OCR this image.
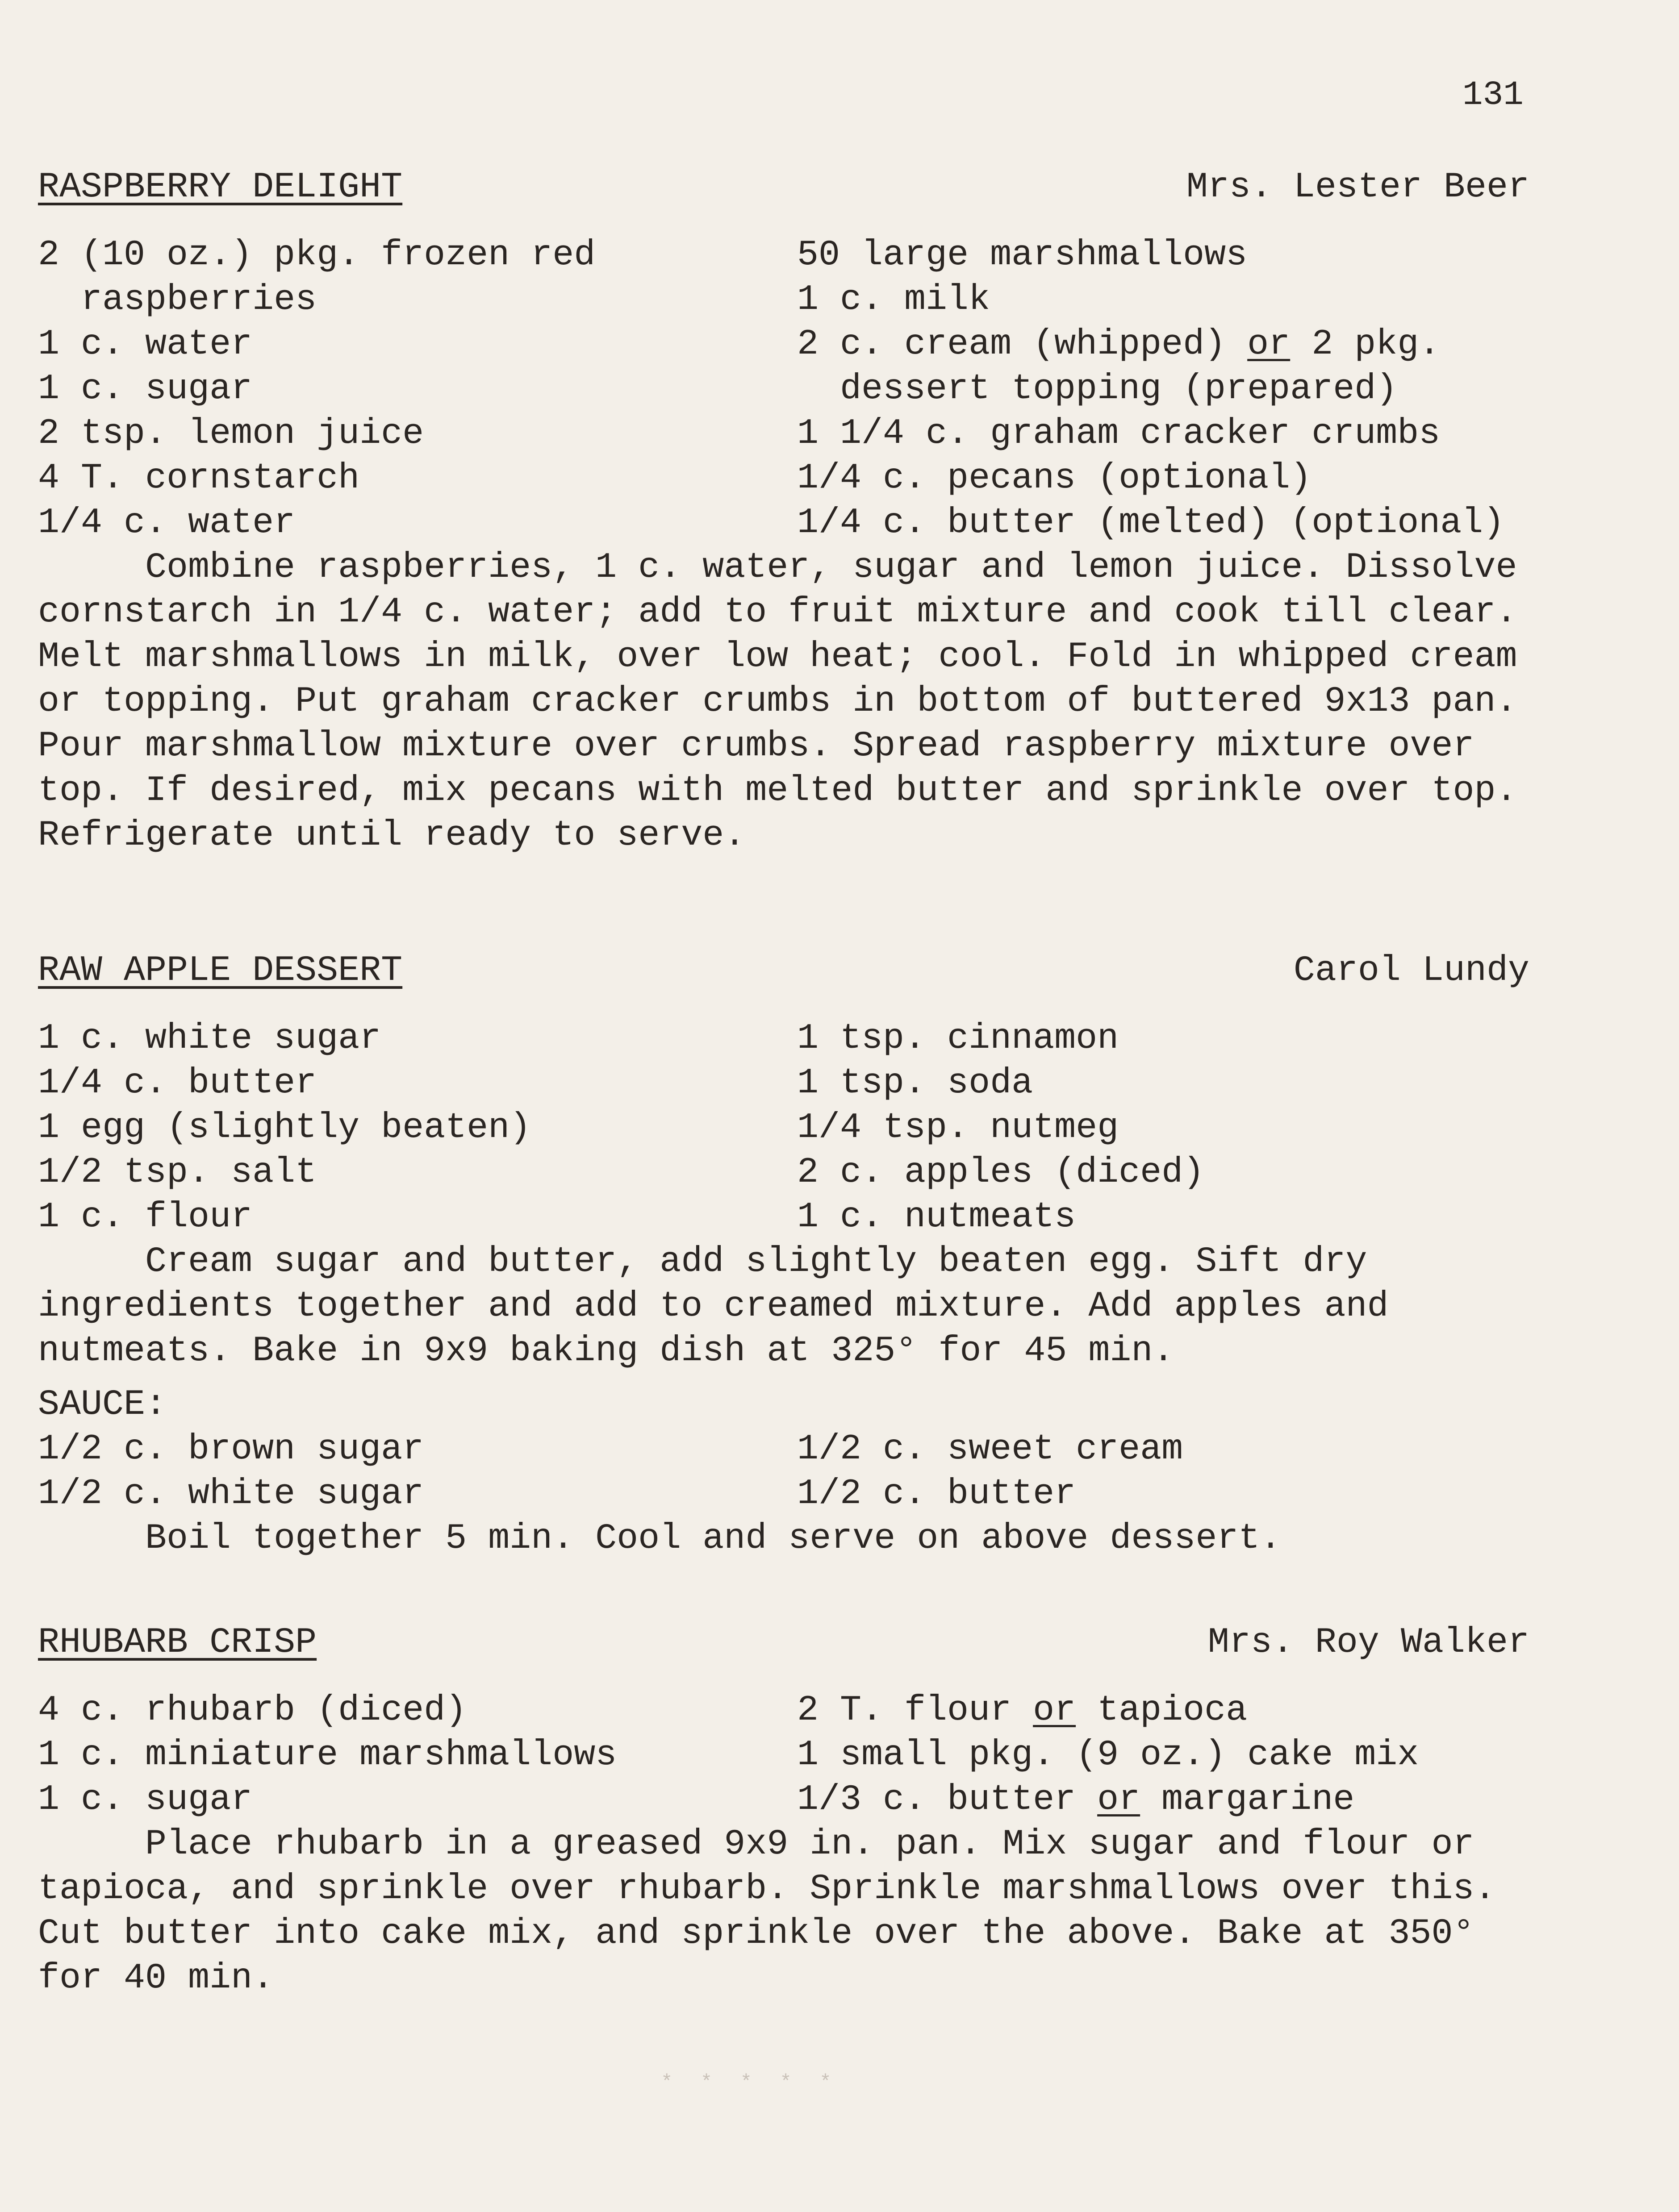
131
RASPBERRY DELIGHT	Mrs. Lester Beer
2 (10 oz.) pkg. frozen red	50 large marshmallows
raspberries	1 c. milk
1 c. water	2 c. cream (whipped) or 2 pkg.
1 c. sugar	dessert topping (prepared)
2 tsp. lemon juice	1 1/4 c. graham cracker crumbs
4 T. cornstarch	1/4 c. pecans (optional)
1/4 c. water	1/4 c. butter (melted) (optional)

Combine raspberries, 1 c. water, sugar and lemon juice. Dissolve cornstarch in 1/4 c. water; add to fruit mixture and cook till clear. Melt marshmallows in milk, over low heat; cool. Fold in whipped cream or topping. Put graham cracker crumbs in bottom of buttered 9x13 pan. Pour marshmallow mixture over crumbs. Spread raspberry mixture over top. If desired, mix pecans with melted butter and sprinkle over top. Refrigerate until ready to serve.

RAW APPLE DESSERT	Carol Lundy
1 c. white sugar	1 tsp. cinnamon
1/4 c. butter	1 tsp. soda
1 egg (slightly beaten)	1/4 tsp. nutmeg
1/2 tsp. salt	2 c. apples (diced)
1 c. flour	1 c. nutmeats

Cream sugar and butter, add slightly beaten egg. Sift dry ingredients together and add to creamed mixture. Add apples and nutmeats. Bake in 9x9 baking dish at 325° for 45 min.

SAUCE:
1/2 c. brown sugar	1/2 c. sweet cream
1/2 c. white sugar	1/2 c. butter

Boil together 5 min. Cool and serve on above dessert.

RHUBARB CRISP	Mrs. Roy Walker
4 c. rhubarb (diced)	2 T. flour or tapioca
1 c. miniature marshmallows	1 small pkg. (9 oz.) cake mix
1 c. sugar	1/3 c. butter or margarine

Place rhubarb in a greased 9x9 in. pan. Mix sugar and flour or tapioca, and sprinkle over rhubarb. Sprinkle marshmallows over this. Cut butter into cake mix, and sprinkle over the above. Bake at 350° for 40 min.

* * * * *
